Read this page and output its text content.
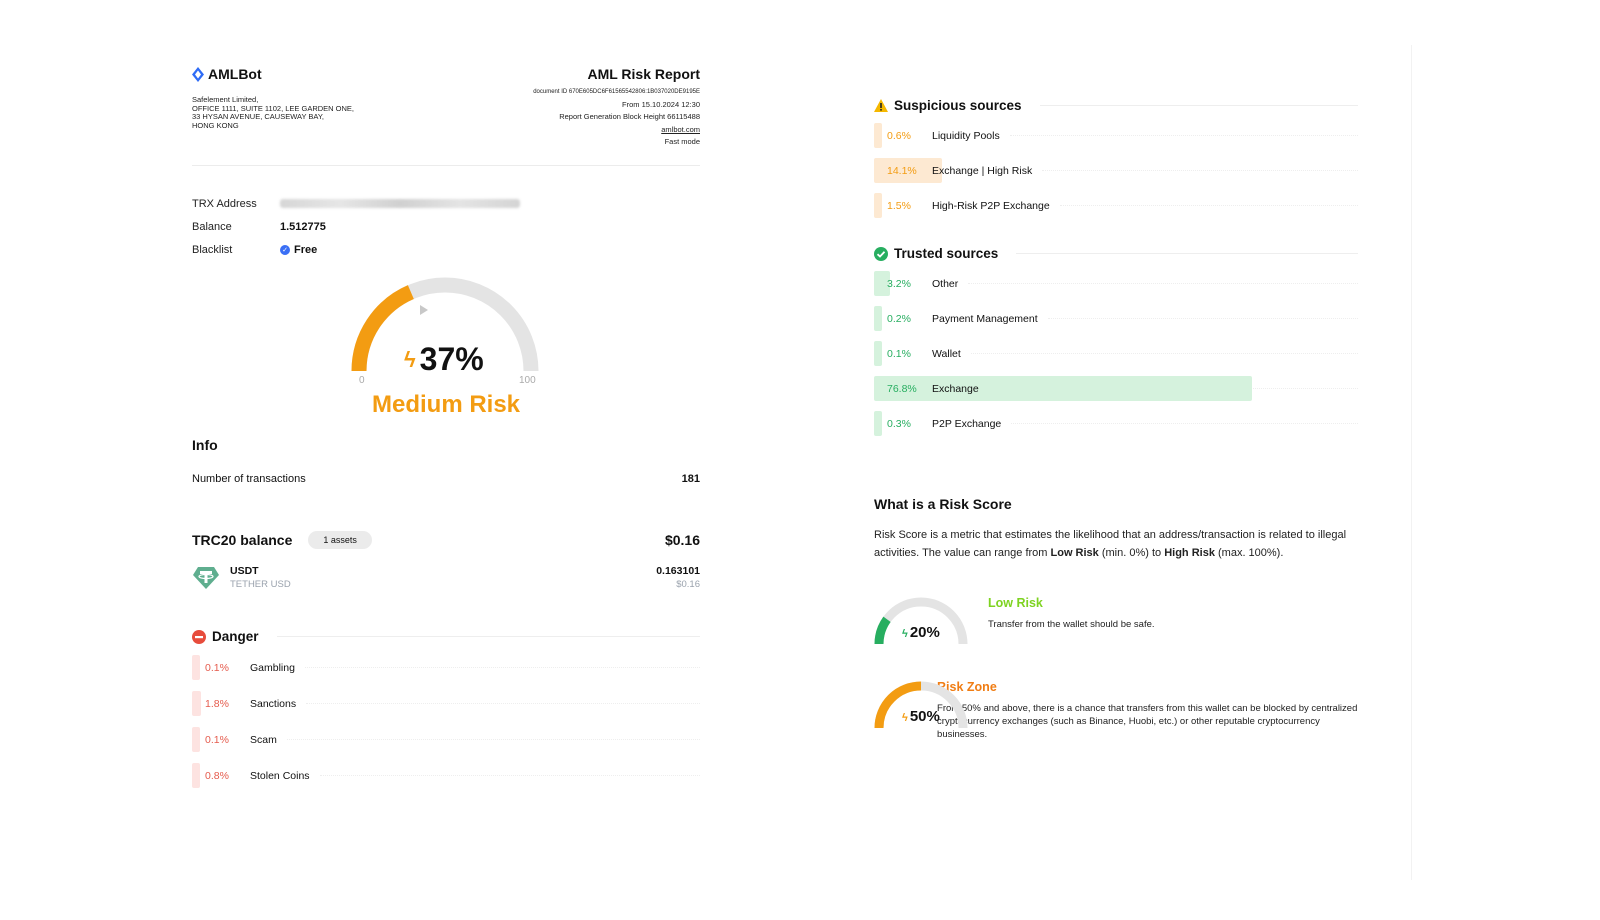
AMLBot
Safelement Limited,
OFFICE 1111, SUITE 1102, LEE GARDEN ONE,
33 HYSAN AVENUE, CAUSEWAY BAY,
HONG KONG
AML Risk Report
document ID 670E605DC6F61565542806:1B037020DE9195E
From 15.10.2024 12:30
Report Generation Block Height 66115488
amlbot.com
Fast mode
TRX Address
Balance	1.512775
Blacklist	✓ Free
ϟ 37%
0	100
Medium Risk
Info
Number of transactions	181
TRC20 balance	1 assets	$0.16
USDT
TETHER USD
0.163101
$0.16
Danger
0.1%	Gambling
1.8%	Sanctions
0.1%	Scam
0.8%	Stolen Coins
Suspicious sources
0.6%	Liquidity Pools
14.1%	Exchange | High Risk
1.5%	High-Risk P2P Exchange
Trusted sources
3.2%	Other
0.2%	Payment Management
0.1%	Wallet
76.8%	Exchange
0.3%	P2P Exchange
What is a Risk Score
Risk Score is a metric that estimates the likelihood that an address/transaction is related to illegal activities. The value can range from Low Risk (min. 0%) to High Risk (max. 100%).
ϟ 20%
Low Risk
Transfer from the wallet should be safe.
ϟ 50%
Risk Zone
From 50% and above, there is a chance that transfers from this wallet can be blocked by centralized cryptocurrency exchanges (such as Binance, Huobi, etc.) or other reputable cryptocurrency businesses.
